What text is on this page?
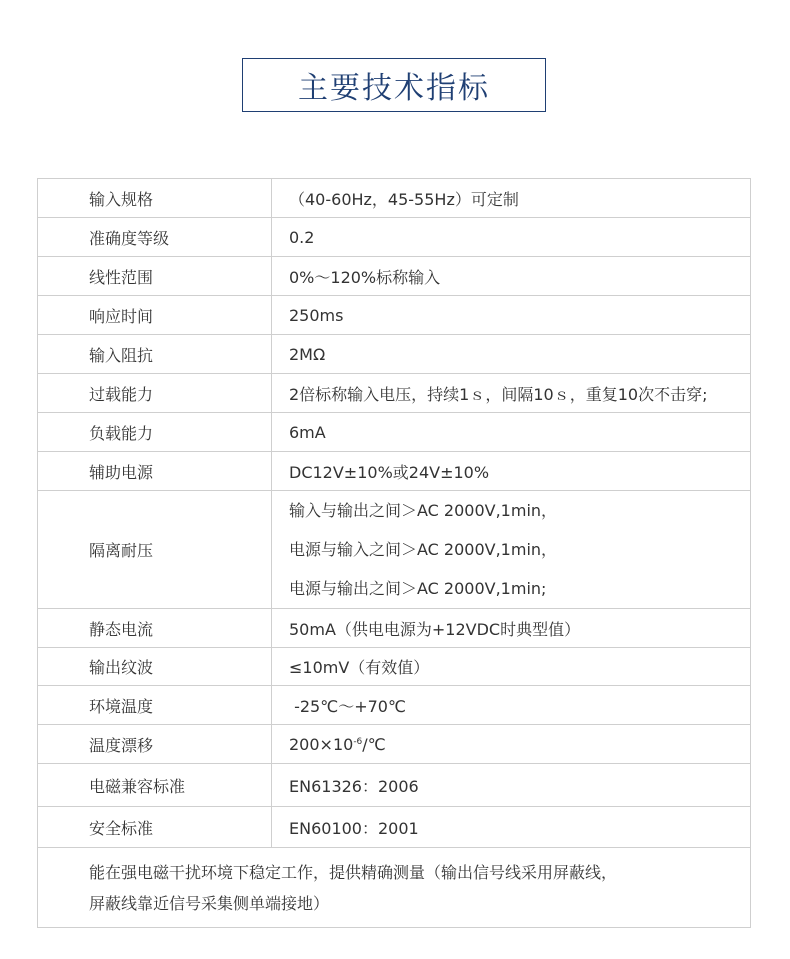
主要技术指标
输入规格	（40-60Hz，45-55Hz）可定制
准确度等级	0.2
线性范围	0%～120%标称输入
响应时间	250ms
输入阻抗	2MΩ
过载能力	2倍标称输入电压，持续1ｓ，间隔10ｓ，重复10次不击穿;
负载能力	6mA
辅助电源	DC12V±10%或24V±10%
隔离耐压	输入与输出之间＞AC 2000V,1min，
电源与输入之间＞AC 2000V,1min，
电源与输出之间＞AC 2000V,1min;

静态电流	50mA（供电电源为+12VDC时典型值）
输出纹波	≤10mV（有效值）
环境温度	-25℃～+70℃
温度漂移	$200\times 10^{-6}/℃$
电磁兼容标准	EN61326：2006
安全标准	EN60100：2001

能在强电磁干扰环境下稳定工作，提供精确测量（输出信号线采用屏蔽线，
屏蔽线靠近信号采集侧单端接地）	
